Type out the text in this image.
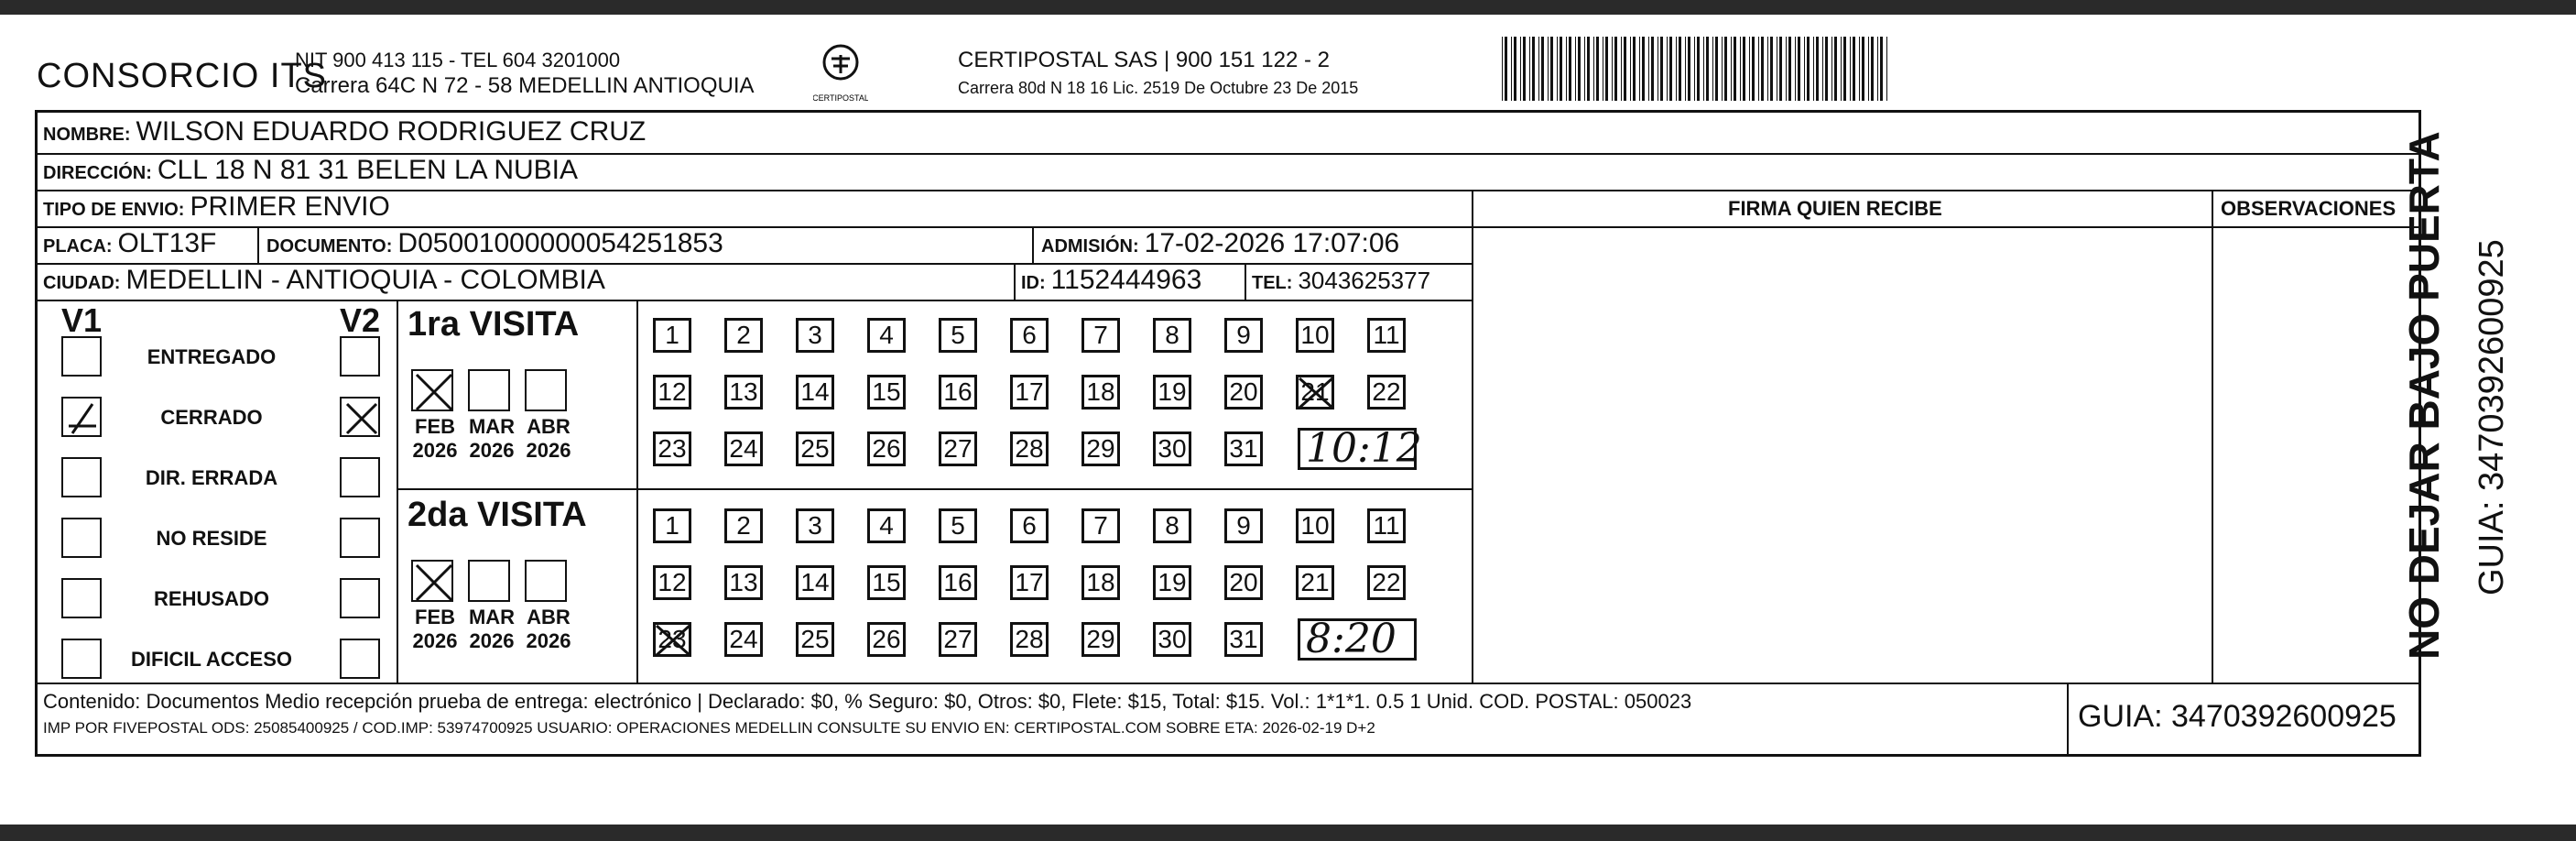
CONSORCIO ITS
NIT 900 413 115 - TEL 604 3201000
Carrera 64C N 72 - 58 MEDELLIN ANTIOQUIA	CERTIPOSTAL
CERTIPOSTAL SAS | 900 151 122 - 2
Carrera 80d N 18 16 Lic. 2519 De Octubre 23 De 2015
NOMBRE: WILSON EDUARDO RODRIGUEZ CRUZ
DIRECCIÓN: CLL 18 N 81 31 BELEN LA NUBIA
TIPO DE ENVIO: PRIMER ENVIO	FIRMA QUIEN RECIBE	OBSERVACIONES
PLACA: OLT13F	DOCUMENTO: D05001000000054251853	ADMISIÓN: 17-02-2026 17:07:06
CIUDAD: MEDELLIN - ANTIOQUIA - COLOMBIA	ID: 1152444963	TEL: 3043625377
V1	V2
ENTREGADO
CERRADO
DIR. ERRADA
NO RESIDE
REHUSADO
DIFICIL ACCESO
1ra VISITA
FEB
2026
MAR
2026
ABR
2026
1	2	3	4	5	6	7	8	9	10 11
12 13 14 15 16 17 18 19 20 21 22
23 24 25 26 27 28 29 30 31 10:12
2da VISITA
FEB
2026
MAR
2026
ABR
2026
1	2	3	4	5	6	7	8	9	10 11
12 13 14 15 16 17 18 19 20 21 22
23 24 25 26 27 28 29 30 31 8:20
Contenido: Documentos Medio recepción prueba de entrega: electrónico | Declarado: $0, % Seguro: $0, Otros: $0, Flete: $15, Total: $15. Vol.: 1*1*1. 0.5 1 Unid. COD. POSTAL: 050023
IMP POR FIVEPOSTAL ODS: 25085400925 / COD.IMP: 53974700925 USUARIO: OPERACIONES MEDELLIN CONSULTE SU ENVIO EN: CERTIPOSTAL.COM SOBRE ETA: 2026-02-19 D+2	GUIA: 3470392600925
NO DEJAR BAJO PUERTA GUIA: 3470392600925
